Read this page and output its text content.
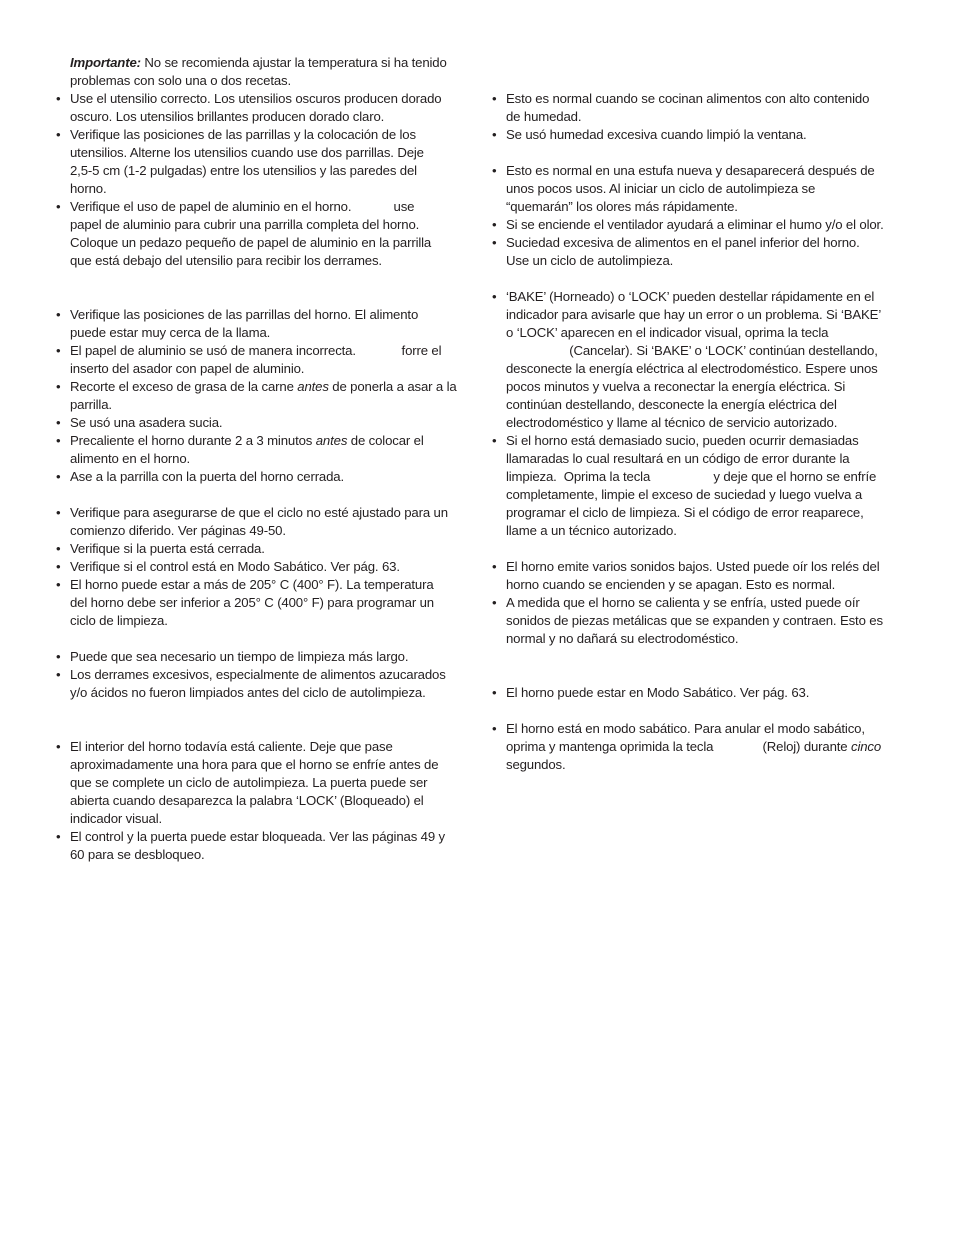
Importante: No se recomienda ajustar la temperatura si ha tenido
problemas con solo una o dos recetas.
• Use el utensilio correcto. Los utensilios oscuros producen dorado
oscuro. Los utensilios brillantes producen dorado claro.
• Verifique las posiciones de las parrillas y la colocación de los
utensilios. Alterne los utensilios cuando use dos parrillas. Deje
2,5-5 cm (1-2 pulgadas) entre los utensilios y las paredes del
horno.
• Verifique el uso de papel de aluminio en el horno.            use
papel de aluminio para cubrir una parrilla completa del horno.
Coloque un pedazo pequeño de papel de aluminio en la parrilla
que está debajo del utensilio para recibir los derrames.
• Verifique las posiciones de las parrillas del horno. El alimento
puede estar muy cerca de la llama.
• El papel de aluminio se usó de manera incorrecta.             forre el
inserto del asador con papel de aluminio.
• Recorte el exceso de grasa de la carne antes de ponerla a asar a la
parrilla.
• Se usó una asadera sucia.
• Precaliente el horno durante 2 a 3 minutos antes de colocar el
alimento en el horno.
• Ase a la parrilla con la puerta del horno cerrada.
• Verifique para asegurarse de que el ciclo no esté ajustado para un
comienzo diferido. Ver páginas 49-50.
• Verifique si la puerta está cerrada.
• Verifique si el control está en Modo Sabático. Ver pág. 63.
• El horno puede estar a más de 205° C (400° F). La temperatura
del horno debe ser inferior a 205° C (400° F) para programar un
ciclo de limpieza.
• Puede que sea necesario un tiempo de limpieza más largo.
• Los derrames excesivos, especialmente de alimentos azucarados
y/o ácidos no fueron limpiados antes del ciclo de autolimpieza.
• El interior del horno todavía está caliente. Deje que pase
aproximadamente una hora para que el horno se enfríe antes de
que se complete un ciclo de autolimpieza. La puerta puede ser
abierta cuando desaparezca la palabra ‘LOCK’ (Bloqueado) el
indicador visual.
• El control y la puerta puede estar bloqueada. Ver las páginas 49 y
60 para se desbloqueo.
• Esto es normal cuando se cocinan alimentos con alto contenido
de humedad.
• Se usó humedad excesiva cuando limpió la ventana.
• Esto es normal en una estufa nueva y desaparecerá después de
unos pocos usos. Al iniciar un ciclo de autolimpieza se
“quemarán” los olores más rápidamente.
• Si se enciende el ventilador ayudará a eliminar el humo y/o el olor.
• Suciedad excesiva de alimentos en el panel inferior del horno.
Use un ciclo de autolimpieza.
• ‘BAKE’ (Horneado) o ‘LOCK’ pueden destellar rápidamente en el
indicador para avisarle que hay un error o un problema. Si ‘BAKE’
o ‘LOCK’ aparecen en el indicador visual, oprima la tecla
(Cancelar). Si ‘BAKE’ o ‘LOCK’ continúan destellando,
desconecte la energía eléctrica al electrodoméstico. Espere unos
pocos minutos y vuelva a reconectar la energía eléctrica. Si
continúan destellando, desconecte la energía eléctrica del
electrodoméstico y llame al técnico de servicio autorizado.
• Si el horno está demasiado sucio, pueden ocurrir demasiadas
llamaradas lo cual resultará en un código de error durante la
limpieza.  Oprima la tecla                  y deje que el horno se enfríe
completamente, limpie el exceso de suciedad y luego vuelva a
programar el ciclo de limpieza. Si el código de error reaparece,
llame a un técnico autorizado.
• El horno emite varios sonidos bajos. Usted puede oír los relés del
horno cuando se encienden y se apagan. Esto es normal.
• A medida que el horno se calienta y se enfría, usted puede oír
sonidos de piezas metálicas que se expanden y contraen. Esto es
normal y no dañará su electrodoméstico.
• El horno puede estar en Modo Sabático. Ver pág. 63.
• El horno está en modo sabático. Para anular el modo sabático,
oprima y mantenga oprimida la tecla              (Reloj) durante cinco
segundos.
